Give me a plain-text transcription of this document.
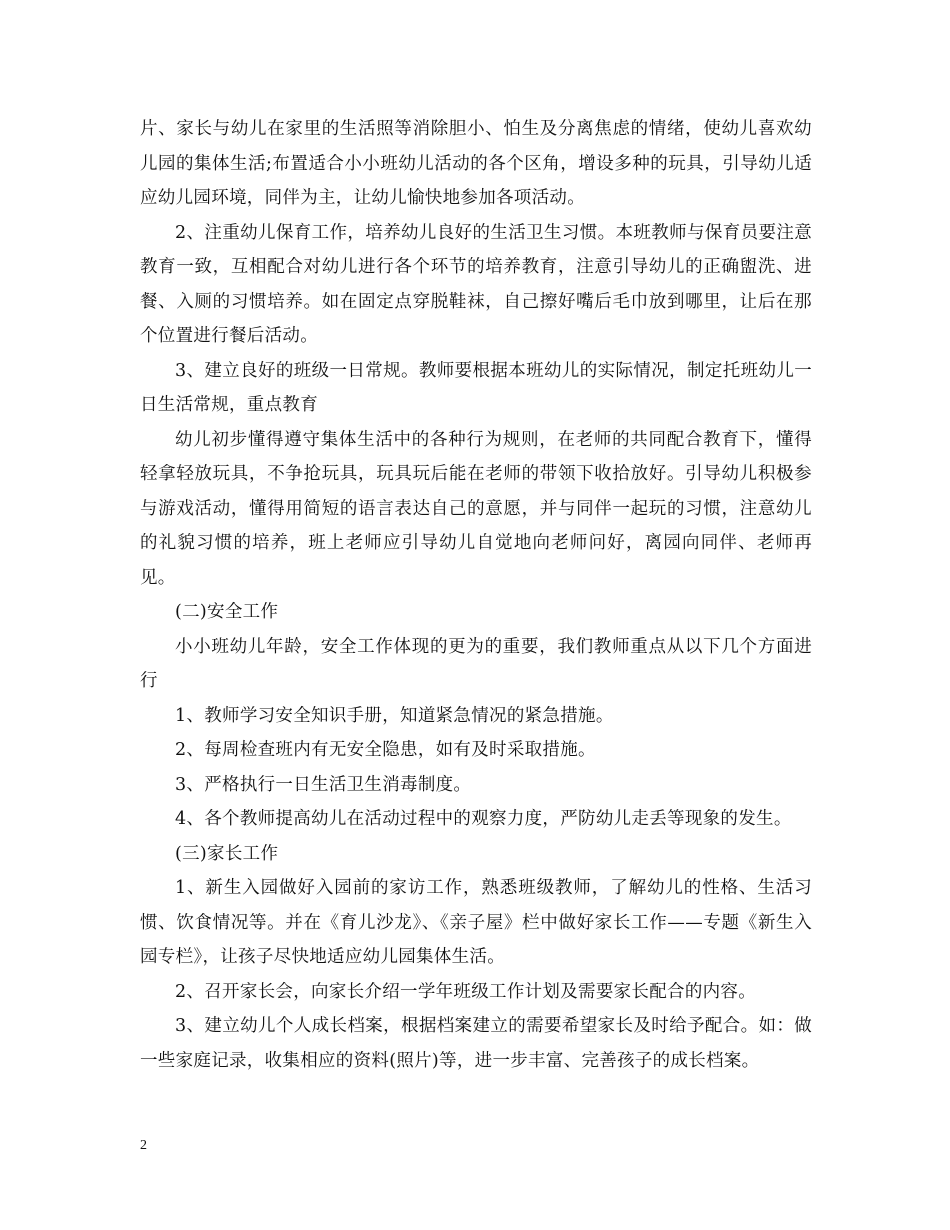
片、家长与幼儿在家里的生活照等消除胆小、怕生及分离焦虑的情绪，使幼儿喜欢幼儿园的集体生活;布置适合小小班幼儿活动的各个区角，增设多种的玩具，引导幼儿适应幼儿园环境，同伴为主，让幼儿愉快地参加各项活动。

2、注重幼儿保育工作，培养幼儿良好的生活卫生习惯。本班教师与保育员要注意教育一致，互相配合对幼儿进行各个环节的培养教育，注意引导幼儿的正确盥洗、进餐、入厕的习惯培养。如在固定点穿脱鞋袜，自己擦好嘴后毛巾放到哪里，让后在那个位置进行餐后活动。

3、建立良好的班级一日常规。教师要根据本班幼儿的实际情况，制定托班幼儿一日生活常规，重点教育

幼儿初步懂得遵守集体生活中的各种行为规则，在老师的共同配合教育下，懂得轻拿轻放玩具，不争抢玩具，玩具玩后能在老师的带领下收拾放好。引导幼儿积极参与游戏活动，懂得用简短的语言表达自己的意愿，并与同伴一起玩的习惯，注意幼儿的礼貌习惯的培养，班上老师应引导幼儿自觉地向老师问好，离园向同伴、老师再见。

(二)安全工作

小小班幼儿年龄，安全工作体现的更为的重要，我们教师重点从以下几个方面进行

1、教师学习安全知识手册，知道紧急情况的紧急措施。

2、每周检查班内有无安全隐患，如有及时采取措施。

3、严格执行一日生活卫生消毒制度。

4、各个教师提高幼儿在活动过程中的观察力度，严防幼儿走丢等现象的发生。

(三)家长工作

1、新生入园做好入园前的家访工作，熟悉班级教师，了解幼儿的性格、生活习惯、饮食情况等。并在《育儿沙龙》、《亲子屋》栏中做好家长工作——专题《新生入园专栏》，让孩子尽快地适应幼儿园集体生活。

2、召开家长会，向家长介绍一学年班级工作计划及需要家长配合的内容。

3、建立幼儿个人成长档案，根据档案建立的需要希望家长及时给予配合。如：做一些家庭记录，收集相应的资料(照片)等，进一步丰富、完善孩子的成长档案。

2
